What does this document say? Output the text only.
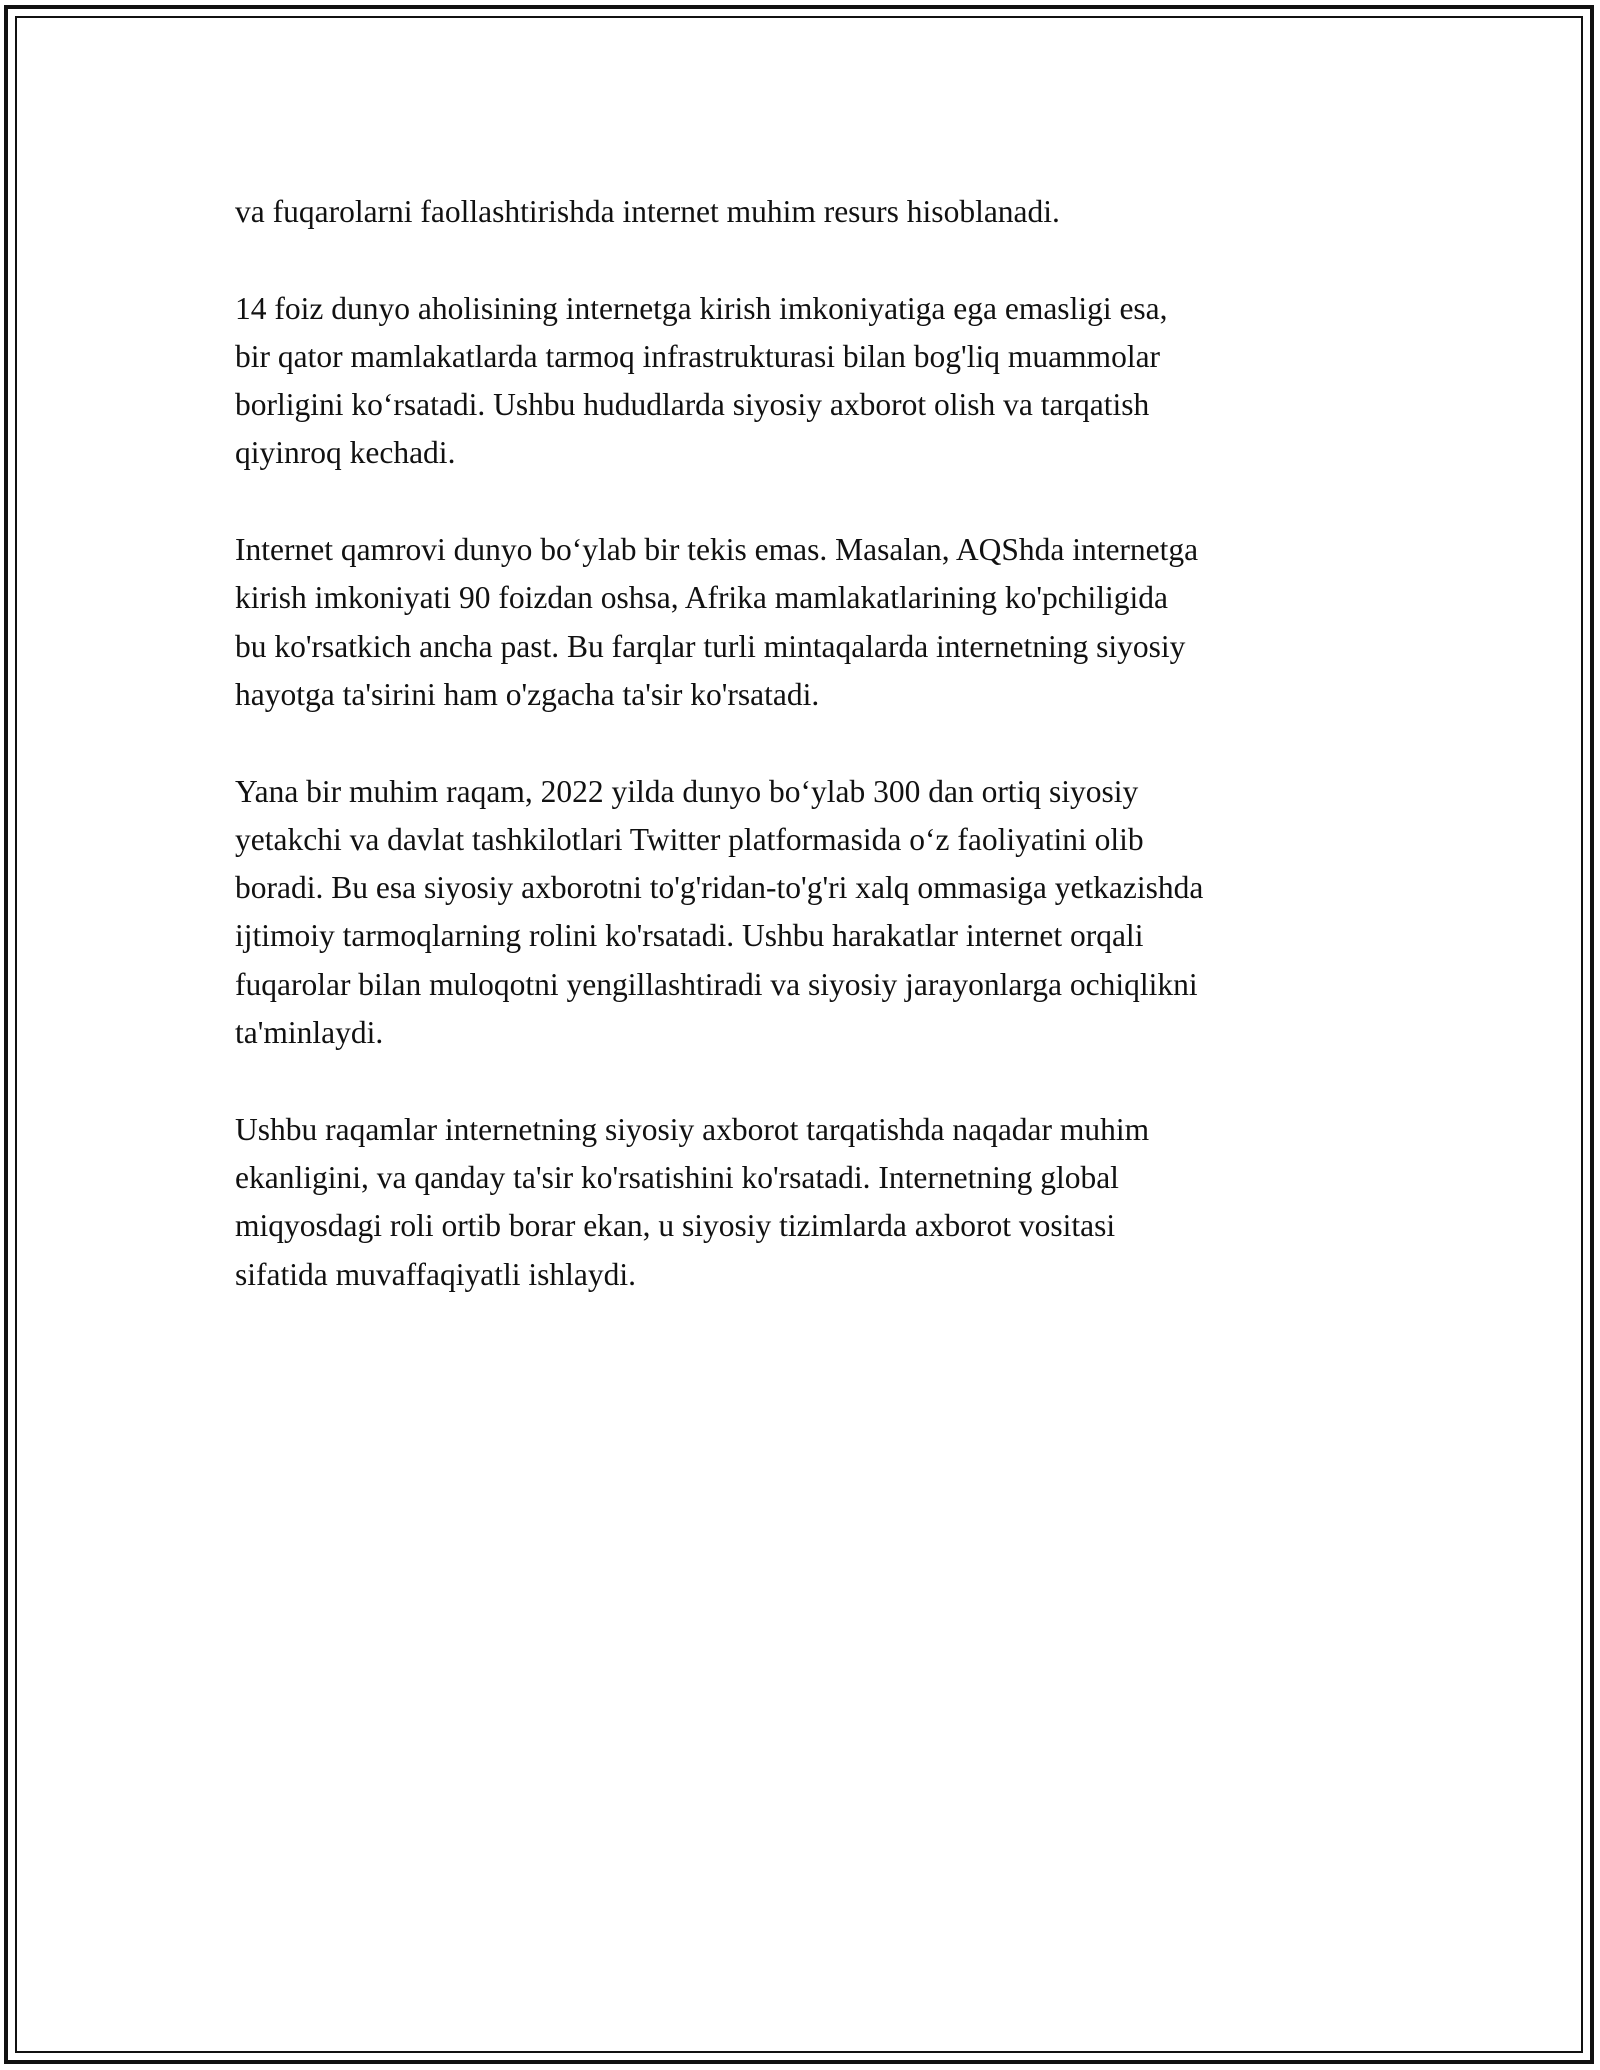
va fuqarolarni faollashtirishda internet muhim resurs hisoblanadi.

14 foiz dunyo aholisining internetga kirish imkoniyatiga ega emasligi esa,
bir qator mamlakatlarda tarmoq infrastrukturasi bilan bog'liq muammolar
borligini koʻrsatadi. Ushbu hududlarda siyosiy axborot olish va tarqatish
qiyinroq kechadi.

Internet qamrovi dunyo boʻylab bir tekis emas. Masalan, AQShda internetga
kirish imkoniyati 90 foizdan oshsa, Afrika mamlakatlarining ko'pchiligida
bu ko'rsatkich ancha past. Bu farqlar turli mintaqalarda internetning siyosiy
hayotga ta'sirini ham o'zgacha ta'sir ko'rsatadi.

Yana bir muhim raqam, 2022 yilda dunyo boʻylab 300 dan ortiq siyosiy
yetakchi va davlat tashkilotlari Twitter platformasida oʻz faoliyatini olib
boradi. Bu esa siyosiy axborotni to'g'ridan-to'g'ri xalq ommasiga yetkazishda
ijtimoiy tarmoqlarning rolini ko'rsatadi. Ushbu harakatlar internet orqali
fuqarolar bilan muloqotni yengillashtiradi va siyosiy jarayonlarga ochiqlikni
ta'minlaydi.

Ushbu raqamlar internetning siyosiy axborot tarqatishda naqadar muhim
ekanligini, va qanday ta'sir ko'rsatishini ko'rsatadi. Internetning global
miqyosdagi roli ortib borar ekan, u siyosiy tizimlarda axborot vositasi
sifatida muvaffaqiyatli ishlaydi.
